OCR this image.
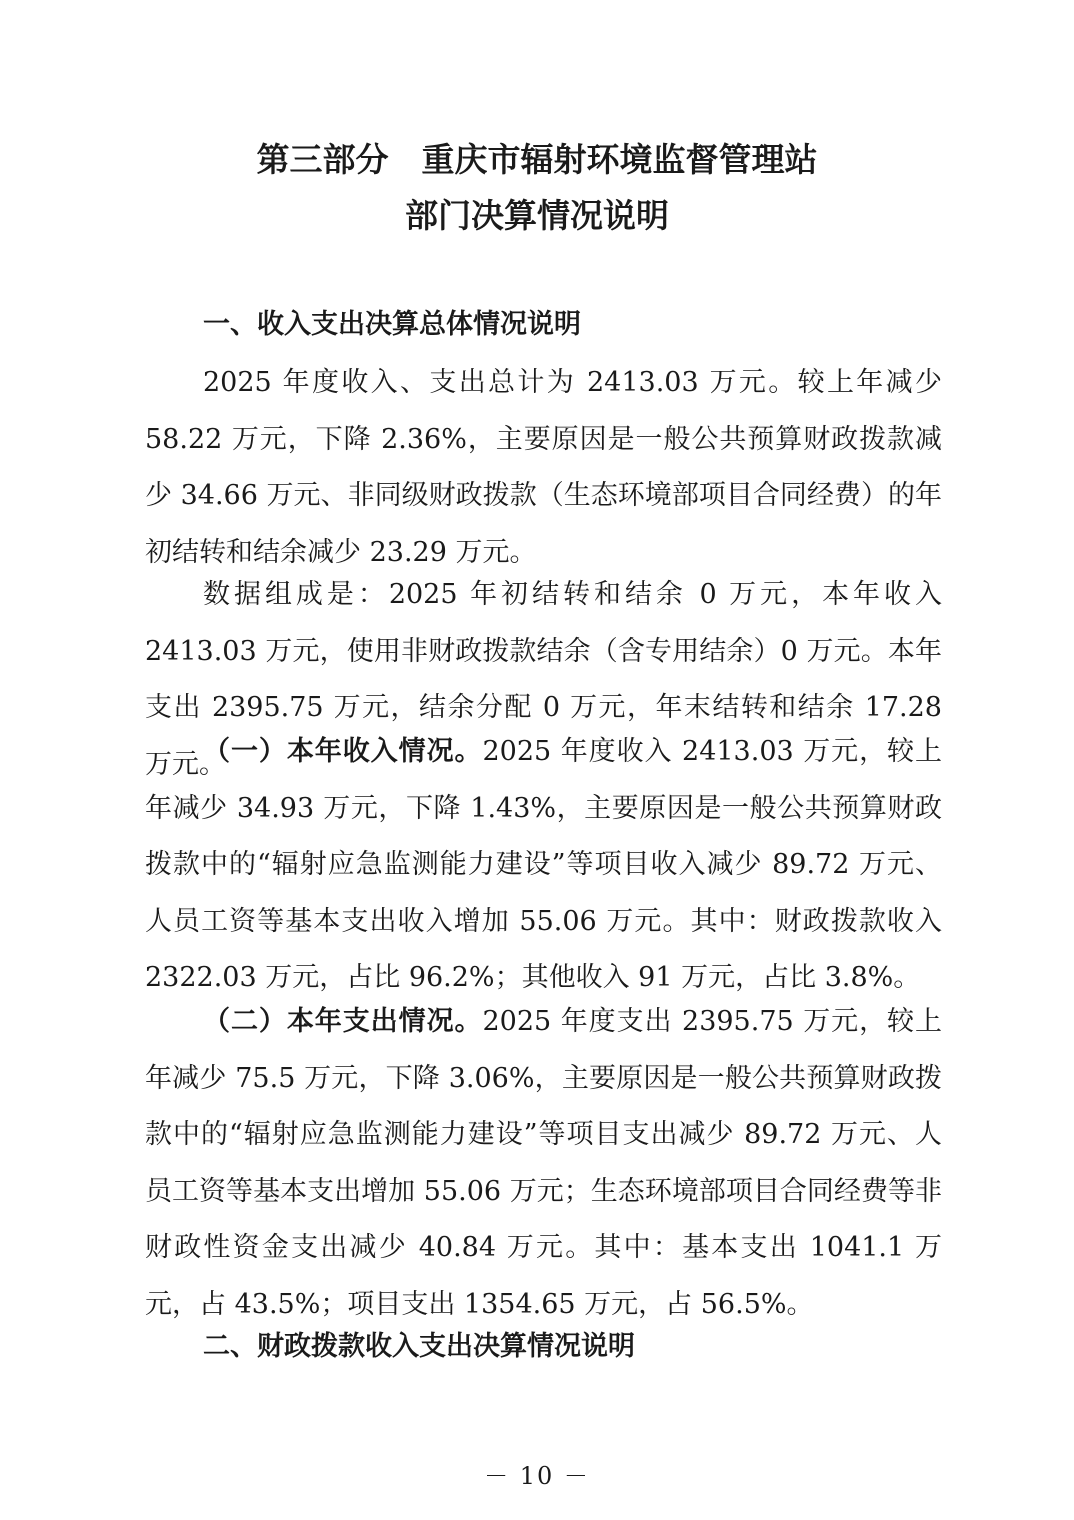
第三部分　重庆市辐射环境监督管理站
部门决算情况说明
一、收入支出决算总体情况说明
2025 年度收入、支出总计为 2413.03 万元。较上年减少 58.22 万元，下降 2.36%，主要原因是一般公共预算财政拨款减少 34.66 万元、非同级财政拨款（生态环境部项目合同经费）的年初结转和结余减少 23.29 万元。
数据组成是：2025 年初结转和结余 0 万元，本年收入 2413.03 万元，使用非财政拨款结余（含专用结余）0 万元。本年支出 2395.75 万元，结余分配 0 万元，年末结转和结余 17.28 万元。
（一）本年收入情况。2025 年度收入 2413.03 万元，较上年减少 34.93 万元，下降 1.43%，主要原因是一般公共预算财政拨款中的“辐射应急监测能力建设”等项目收入减少 89.72 万元、人员工资等基本支出收入增加 55.06 万元。其中：财政拨款收入 2322.03 万元，占比 96.2%；其他收入 91 万元，占比 3.8%。
（二）本年支出情况。2025 年度支出 2395.75 万元，较上年减少 75.5 万元，下降 3.06%，主要原因是一般公共预算财政拨款中的“辐射应急监测能力建设”等项目支出减少 89.72 万元、人员工资等基本支出增加 55.06 万元；生态环境部项目合同经费等非财政性资金支出减少 40.84 万元。其中：基本支出 1041.1 万元，占 43.5%；项目支出 1354.65 万元，占 56.5%。
二、财政拨款收入支出决算情况说明
－ 10 －
